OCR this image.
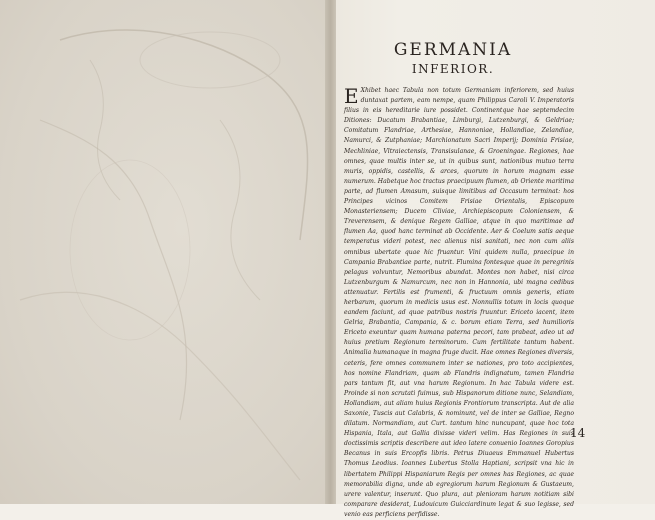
GERMANIA
INFERIOR.
E Xhibet haec Tabula non totum Germaniam inferiorem, sed huius duntaxat partem, eam nempe, quam Philippus Caroli V. Imperatoris filius in eis hereditarie iure possidet. Continentque hae septemdecim Ditiones: Ducatum Brabantiae, Limburgi, Lutzenburgi, & Geldriae; Comitatum Flandriae, Arthesiae, Hannoniae, Hollandiae, Zelandiae, Namurci, & Zutphaniae; Marchionatum Sacri Imperij; Dominia Frisiae, Mechliniae, Vltraiectensis, Transisulanae, & Groeningae. Regiones, hae omnes, quae multis inter se, ut in quibus sunt, nationibus mutuo terra muris, oppidis, castellis, & arces, quorum in horum magnam esse numerum. Habetque hoc tractus praecipuum flumen, ab Oriente maritima parte, ad flumen Amasum, suisque limitibus ad Occasum terminat: hos Principes vicinos Comitem Frisiae Orientalis, Episcopum Monasteriensem; Ducem Cliviae, Archiepiscopum Coloniensem, & Treverensem, & denique Regem Galliae, atque in quo maritimae ad flumen Aa, quod hanc terminat ab Occidente. Aer & Coelum satis aeque temperatus videri potest, nec alienus nisi sanitati, nec non cum aliis omnibus ubertate quae hic fruantur. Vini quidem nulla, praecipue in Campania Brabantiae parte, nutrit. Flumina fontesque quae in peregrinis pelagus volvuntur, Nemoribus abundat. Montes non habet, nisi circa Lutzenburgum & Namurcum, nec non in Hannonia, ubi magna cedibus attenuatur. Fertilis est frumenti, & fructuum omnis generis, etiam herbarum, quorum in medicis usus est. Nonnullis totum in locis quoque eandem faciunt, ad quae patribus nostris fruuntur. Ericeto iacent, item Gelria, Brabantia, Campania, & c. borum etiam Terra, sed humilioris Ericeto exeuntur quam humana paterna pecori, tam prabeat, adeo ut ad huius pretium Regionum terminorum. Cum fertilitate tantum habent. Animalia humanaque in magna fruge ducit. Hae omnes Regiones diversis, ceteris, fere omnes communem inter se nationes, pro toto accipientes, hos nomine Flandriam, quam ab Flandris indignatum, tamen Flandria pars tantum fit, aut vna harum Regionum. In hac Tabula videre est. Proinde si non scrutati fuimus, sub Hispanorum ditione nunc, Selandiam, Hollandiam, aut aliam huius Regionis Frontiorum transcripta. Aut de alia Saxonie, Tuscis aut Calabris, & nominunt, vel de inter se Galliae, Regno dilatum. Normandiam, aut Curt. tantum hinc nuncupant, quae hoc tota Hispania, Itala, aut Gallia dixisse videri velim. Has Regiones in suis doctissimis scriptis describere aut ideo latere conuenio Ioannes Goropius Becanus in suis Ercopfis libris. Petrus Diuaeus Emmanuel Hubertus Thomus Leodius. Ioannes Lubertus Stolla Haptiani, scripsit vna hic in libertatem Philippi Hispaniarum Regis per omnes has Regiones, ac quae memorabilia digna, unde ab egregiorum harum Regionum & Gustaeum, urere valentur, inserunt. Quo plura, aut plenioram harum notitiam sibi comparare desiderat, Ludouicum Guicciardinum legat & suo legisse, sed venio eas perficiens perfidisse.
14
